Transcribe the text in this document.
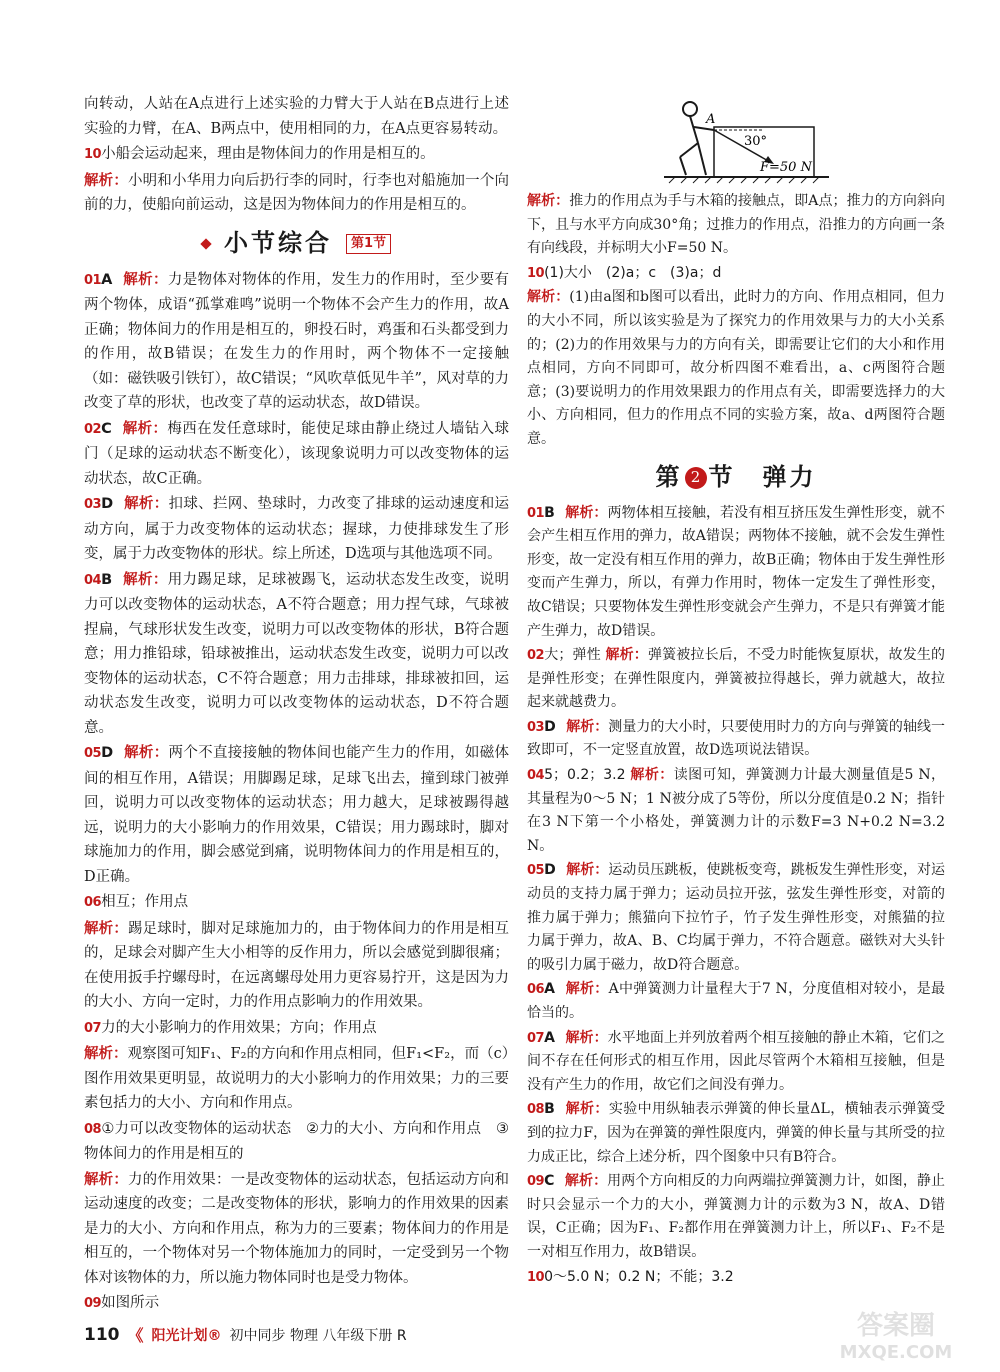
向转动，人站在A点进行上述实验的力臂大于人站在B点进行上述实验的力臂，在A、B两点中，使用相同的力，在A点更容易转动。

10小船会运动起来，理由是物体间力的作用是相互的。

解析：小明和小华用力向后扔行李的同时，行李也对船施加一个向前的力，使船向前运动，这是因为物体间力的作用是相互的。

小节综合	第1节

01A 解析：力是物体对物体的作用，发生力的作用时，至少要有两个物体，成语“孤掌难鸣”说明一个物体不会产生力的作用，故A正确；物体间力的作用是相互的，卵投石时，鸡蛋和石头都受到力的作用，故B错误；在发生力的作用时，两个物体不一定接触（如：磁铁吸引铁钉），故C错误；“风吹草低见牛羊”，风对草的力改变了草的形状，也改变了草的运动状态，故D错误。

02C 解析：梅西在发任意球时，能使足球由静止绕过人墙钻入球门（足球的运动状态不断变化），该现象说明力可以改变物体的运动状态，故C正确。

03D 解析：扣球、拦网、垫球时，力改变了排球的运动速度和运动方向，属于力改变物体的运动状态；握球，力使排球发生了形变，属于力改变物体的形状。综上所述，D选项与其他选项不同。

04B 解析：用力踢足球，足球被踢飞，运动状态发生改变，说明力可以改变物体的运动状态，A不符合题意；用力捏气球，气球被捏扁，气球形状发生改变，说明力可以改变物体的形状，B符合题意；用力推铅球，铅球被推出，运动状态发生改变，说明力可以改变物体的运动状态，C不符合题意；用力击排球，排球被扣回，运动状态发生改变，说明力可以改变物体的运动状态，D不符合题意。

05D 解析：两个不直接接触的物体间也能产生力的作用，如磁体间的相互作用，A错误；用脚踢足球，足球飞出去，撞到球门被弹回，说明力可以改变物体的运动状态；用力越大，足球被踢得越远，说明力的大小影响力的作用效果，C错误；用力踢球时，脚对球施加力的作用，脚会感觉到痛，说明物体间力的作用是相互的，D正确。

06相互；作用点

解析：踢足球时，脚对足球施加力的，由于物体间力的作用是相互的，足球会对脚产生大小相等的反作用力，所以会感觉到脚很痛；在使用扳手拧螺母时，在远离螺母处用力更容易拧开，这是因为力的大小、方向一定时，力的作用点影响力的作用效果。

07力的大小影响力的作用效果；方向；作用点

解析：观察图可知F₁、F₂的方向和作用点相同，但F₁<F₂，而（c）图作用效果更明显，故说明力的大小影响力的作用效果；力的三要素包括力的大小、方向和作用点。

08①力可以改变物体的运动状态　②力的大小、方向和作用点　③物体间力的作用是相互的

解析：力的作用效果：一是改变物体的运动状态，包括运动方向和运动速度的改变；二是改变物体的形状，影响力的作用效果的因素是力的大小、方向和作用点，称为力的三要素；物体间力的作用是相互的，一个物体对另一个物体施加力的同时，一定受到另一个物体对该物体的力，所以施力物体同时也是受力物体。

09如图所示

A
30°
F=50 N

解析：推力的作用点为手与木箱的接触点，即A点；推力的方向斜向下，且与水平方向成30°角；过推力的作用点，沿推力的方向画一条有向线段，并标明大小F=50 N。

10(1)大小　(2)a；c　(3)a；d

解析：(1)由a图和b图可以看出，此时力的方向、作用点相同，但力的大小不同，所以该实验是为了探究力的作用效果与力的大小关系的；(2)力的作用效果与力的方向有关，即需要让它们的大小和作用点相同，方向不同即可，故分析四图不难看出，a、c两图符合题意；(3)要说明力的作用效果跟力的作用点有关，即需要选择力的大小、方向相同，但力的作用点不同的实验方案，故a、d两图符合题意。

第 2 节　弹力

01B 解析：两物体相互接触，若没有相互挤压发生弹性形变，就不会产生相互作用的弹力，故A错误；两物体不接触，就不会发生弹性形变，故一定没有相互作用的弹力，故B正确；物体由于发生弹性形变而产生弹力，所以，有弹力作用时，物体一定发生了弹性形变，故C错误；只要物体发生弹性形变就会产生弹力，不是只有弹簧才能产生弹力，故D错误。

02大；弹性 解析：弹簧被拉长后，不受力时能恢复原状，故发生的是弹性形变；在弹性限度内，弹簧被拉得越长，弹力就越大，故拉起来就越费力。

03D 解析：测量力的大小时，只要使用时力的方向与弹簧的轴线一致即可，不一定竖直放置，故D选项说法错误。

045；0.2；3.2 解析：读图可知，弹簧测力计最大测量值是5 N，其量程为0～5 N；1 N被分成了5等份，所以分度值是0.2 N；指针在3 N下第一个小格处，弹簧测力计的示数F=3 N+0.2 N=3.2 N。

05D 解析：运动员压跳板，使跳板变弯，跳板发生弹性形变，对运动员的支持力属于弹力；运动员拉开弦，弦发生弹性形变，对箭的推力属于弹力；熊猫向下拉竹子，竹子发生弹性形变，对熊猫的拉力属于弹力，故A、B、C均属于弹力，不符合题意。磁铁对大头针的吸引力属于磁力，故D符合题意。

06A 解析：A中弹簧测力计量程大于7 N，分度值相对较小，是最恰当的。

07A 解析：水平地面上并列放着两个相互接触的静止木箱，它们之间不存在任何形式的相互作用，因此尽管两个木箱相互接触，但是没有产生力的作用，故它们之间没有弹力。

08B 解析：实验中用纵轴表示弹簧的伸长量ΔL，横轴表示弹簧受到的拉力F，因为在弹簧的弹性限度内，弹簧的伸长量与其所受的拉力成正比，综合上述分析，四个图象中只有B符合。

09C 解析：用两个方向相反的力向两端拉弹簧测力计，如图，静止时只会显示一个力的大小，弹簧测力计的示数为3 N，故A、D错误，C正确；因为F₁、F₂都作用在弹簧测力计上，所以F₁、F₂不是一对相互作用力，故B错误。

100～5.0 N；0.2 N；不能；3.2

110 《 阳光计划® 初中同步 物理 八年级下册 R	答案圈
MXQE.COM
